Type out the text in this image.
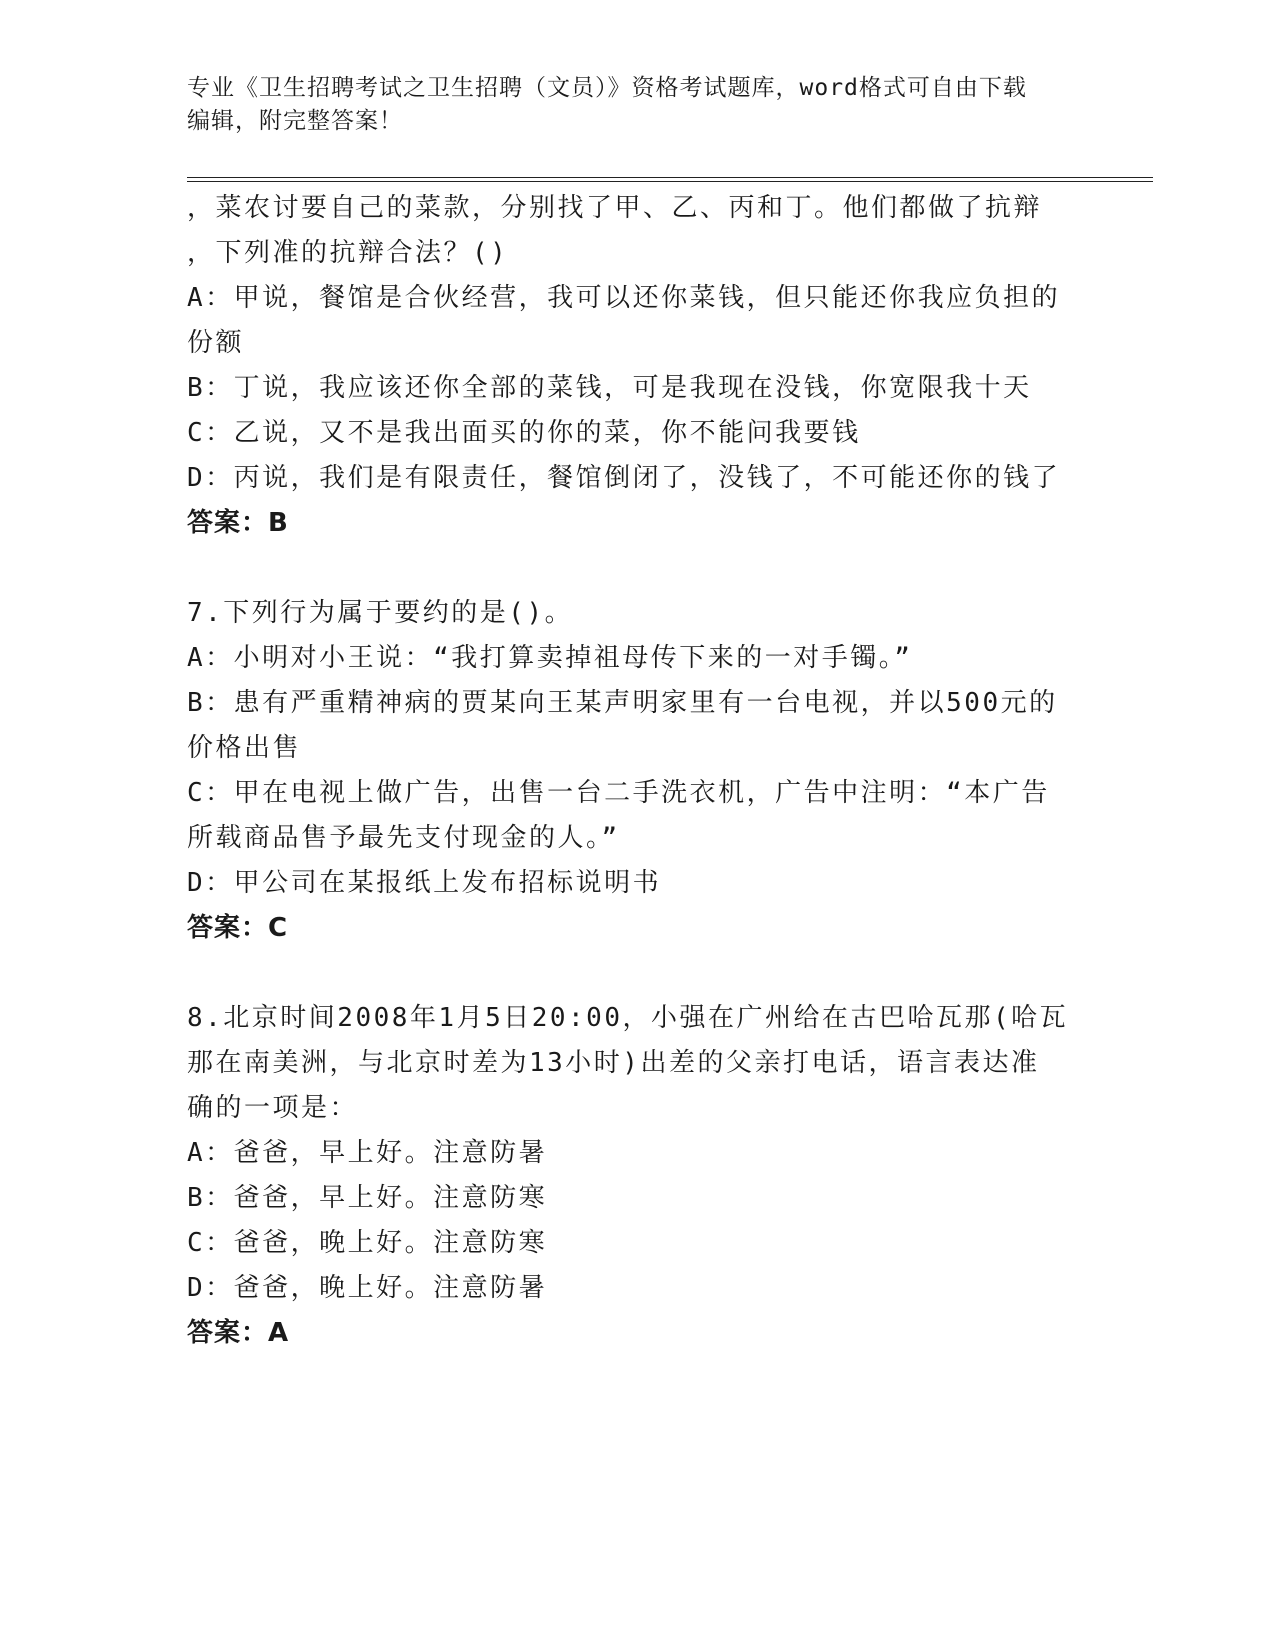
专业《卫生招聘考试之卫生招聘（文员）》资格考试题库，word格式可自由下载
编辑，附完整答案！
，菜农讨要自己的菜款，分别找了甲、乙、丙和丁。他们都做了抗辩
，下列准的抗辩合法？()
A：甲说，餐馆是合伙经营，我可以还你菜钱，但只能还你我应负担的
份额
B：丁说，我应该还你全部的菜钱，可是我现在没钱，你宽限我十天
C：乙说，又不是我出面买的你的菜，你不能问我要钱
D：丙说，我们是有限责任，餐馆倒闭了，没钱了，不可能还你的钱了
答案：B
7.下列行为属于要约的是()。
A：小明对小王说：“我打算卖掉祖母传下来的一对手镯。”
B：患有严重精神病的贾某向王某声明家里有一台电视，并以500元的
价格出售
C：甲在电视上做广告，出售一台二手洗衣机，广告中注明：“本广告
所载商品售予最先支付现金的人。”
D：甲公司在某报纸上发布招标说明书
答案：C
8.北京时间2008年1月5日20:00，小强在广州给在古巴哈瓦那(哈瓦
那在南美洲，与北京时差为13小时)出差的父亲打电话，语言表达准
确的一项是：
A：爸爸，早上好。注意防暑
B：爸爸，早上好。注意防寒
C：爸爸，晚上好。注意防寒
D：爸爸，晚上好。注意防暑
答案：A
